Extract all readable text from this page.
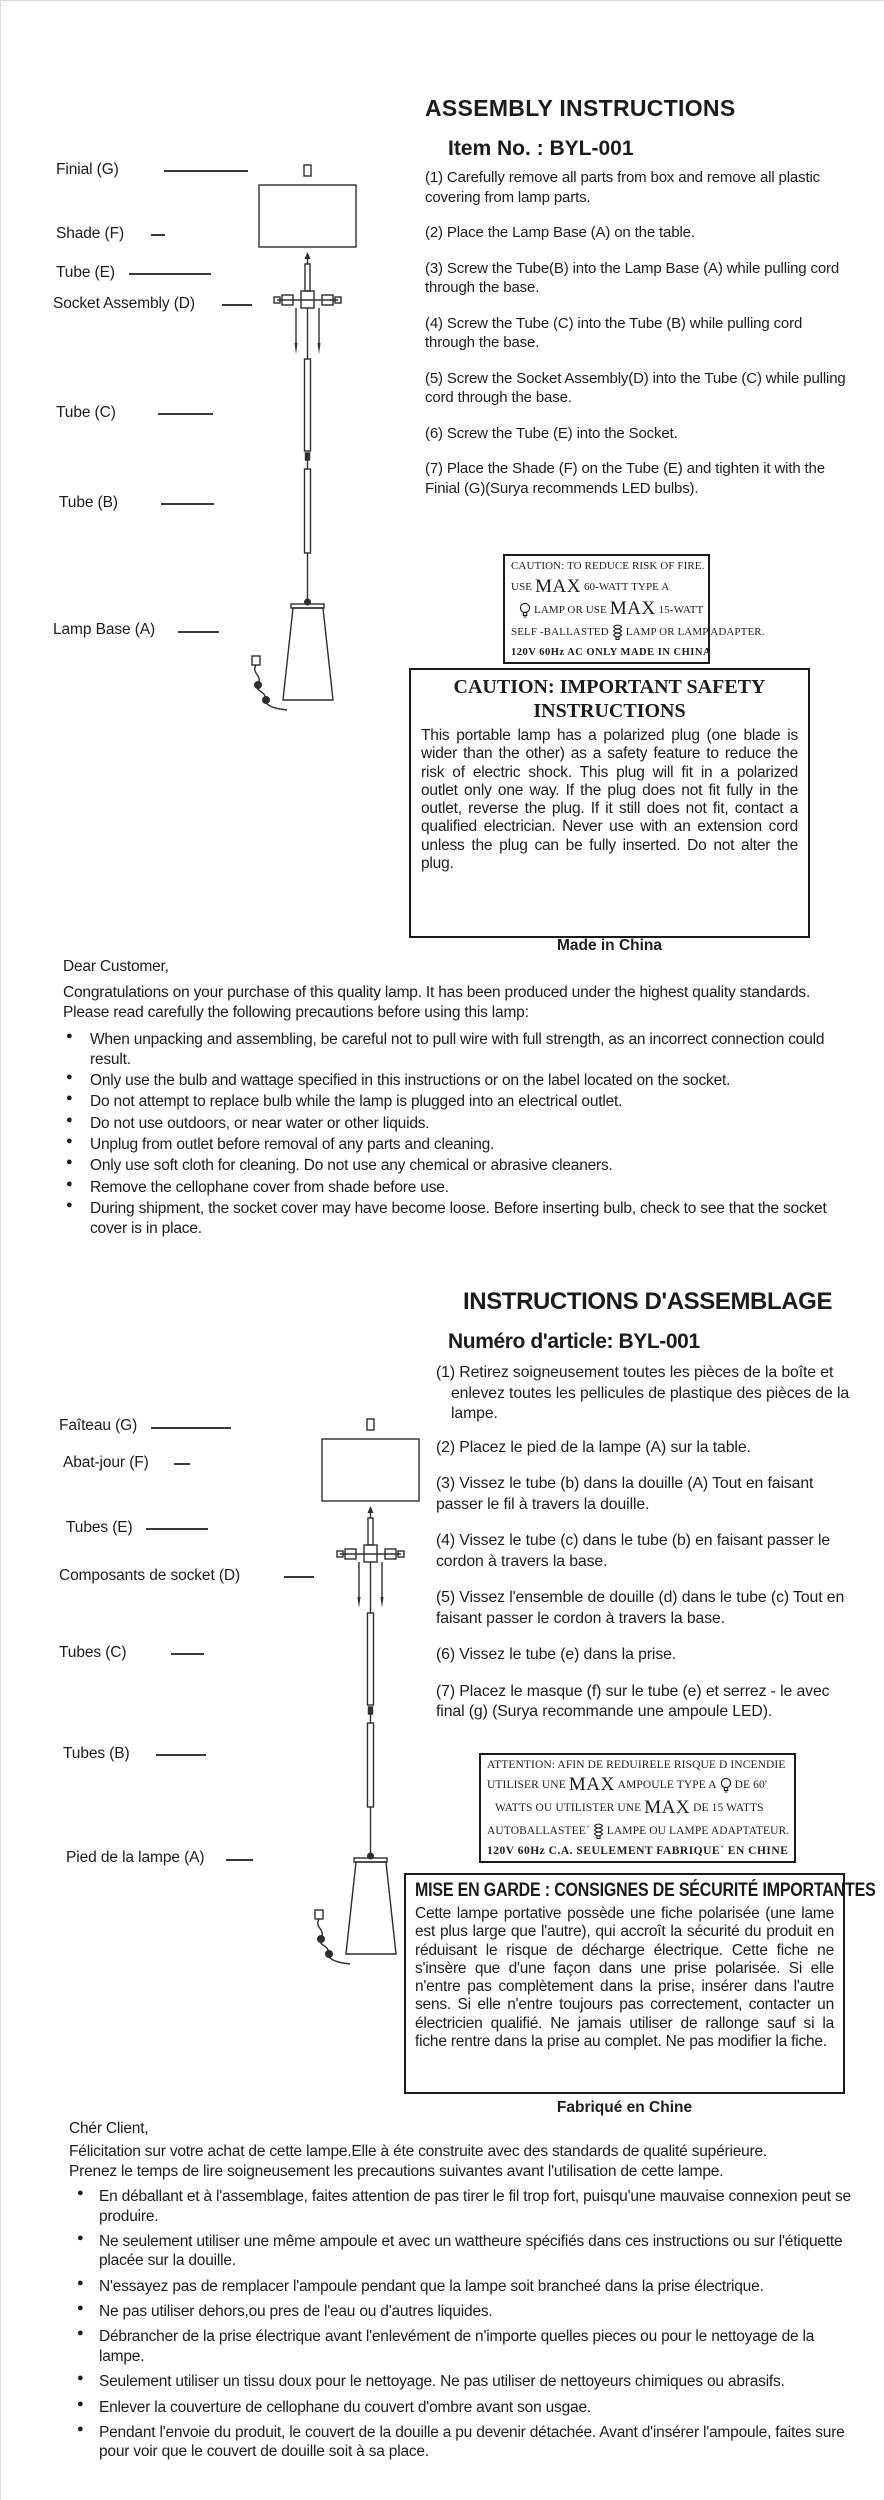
ASSEMBLY INSTRUCTIONS
Item No. : BYL-001
(1) Carefully remove all parts from box and remove all plastic covering from lamp parts.
(2) Place the Lamp Base (A) on the table.
(3) Screw the Tube(B) into the Lamp Base (A) while pulling cord through the base.
(4) Screw the Tube (C) into the Tube (B) while pulling cord through the base.
(5) Screw the Socket Assembly(D) into the Tube (C) while pulling cord through the base.
(6) Screw the Tube (E) into the Socket.
(7) Place the Shade (F) on the Tube (E) and tighten it with the Finial (G)(Surya recommends LED bulbs).
Finial (G)
Shade (F)
Tube (E)
Socket Assembly (D)
Tube (C)
Tube (B)
Lamp Base (A)
CAUTION: TO REDUCE RISK OF FIRE.
USE MAX 60-WATT TYPE A
LAMP OR USE MAX 15-WATT
SELF -BALLASTED LAMP OR LAMP ADAPTER.
120V 60Hz AC ONLY MADE IN CHINA
CAUTION: IMPORTANT SAFETY
INSTRUCTIONS
This portable lamp has a polarized plug (one blade is wider than the other) as a safety feature to reduce the risk of electric shock. This plug will fit in a polarized outlet only one way. If the plug does not fit fully in the outlet, reverse the plug. If it still does not fit, contact a qualified electrician. Never use with an extension cord unless the plug can be fully inserted. Do not alter the plug.
Made in China
Dear Customer,
Congratulations on your purchase of this quality lamp. It has been produced under the highest quality standards. Please read carefully the following precautions before using this lamp:
● When unpacking and assembling, be careful not to pull wire with full strength, as an incorrect connection could result.
● Only use the bulb and wattage specified in this instructions or on the label located on the socket.
● Do not attempt to replace bulb while the lamp is plugged into an electrical outlet.
● Do not use outdoors, or near water or other liquids.
● Unplug from outlet before removal of any parts and cleaning.
● Only use soft cloth for cleaning. Do not use any chemical or abrasive cleaners.
● Remove the cellophane cover from shade before use.
● During shipment, the socket cover may have become loose. Before inserting bulb, check to see that the socket cover is in place.
INSTRUCTIONS D'ASSEMBLAGE
Numéro d'article: BYL-001
(1) Retirez soigneusement toutes les pièces de la boîte et enlevez toutes les pellicules de plastique des pièces de la lampe.
(2) Placez le pied de la lampe (A) sur la table.
(3) Vissez le tube (b) dans la douille (A) Tout en faisant passer le fil à travers la douille.
(4) Vissez le tube (c) dans le tube (b) en faisant passer le cordon à travers la base.
(5) Vissez l'ensemble de douille (d) dans le tube (c) Tout en faisant passer le cordon à travers la base.
(6) Vissez le tube (e) dans la prise.
(7) Placez le masque (f) sur le tube (e) et serrez - le avec final (g) (Surya recommande une ampoule LED).
Faîteau (G)
Abat-jour (F)
Tubes (E)
Composants de socket (D)
Tubes (C)
Tubes (B)
Pied de la lampe (A)
ATTENTION: AFIN DE REDUIRELE RISQUE D INCENDIE
UTILISER UNE MAX AMPOULE TYPE A DE 60'
WATTS OU UTILISTER UNE MAX DE 15 WATTS
AUTOBALLASTEE´ LAMPE OU LAMPE ADAPTATEUR.
120V 60Hz C.A. SEULEMENT FABRIQUE´ EN CHINE
MISE EN GARDE : CONSIGNES DE SÉCURITÉ IMPORTANTES
Cette lampe portative possède une fiche polarisée (une lame est plus large que l'autre), qui accroît la sécurité du produit en réduisant le risque de décharge électrique. Cette fiche ne s'insère que d'une façon dans une prise polarisée. Si elle n'entre pas complètement dans la prise, insérer dans l'autre sens. Si elle n'entre toujours pas correctement, contacter un électricien qualifié. Ne jamais utiliser de rallonge sauf si la fiche rentre dans la prise au complet. Ne pas modifier la fiche.
Fabriqué en Chine
Chér Client,
Félicitation sur votre achat de cette lampe.Elle à éte construite avec des standards de qualité supérieure. Prenez le temps de lire soigneusement les precautions suivantes avant l'utilisation de cette lampe.
● En déballant et à l'assemblage, faites attention de pas tirer le fil trop fort, puisqu'une mauvaise connexion peut se produire.
● Ne seulement utiliser une même ampoule et avec un wattheure spécifiés dans ces instructions ou sur l'étiquette placée sur la douille.
● N'essayez pas de remplacer l'ampoule pendant que la lampe soit brancheé dans la prise électrique.
● Ne pas utiliser dehors,ou pres de l'eau ou d'autres liquides.
● Débrancher de la prise électrique avant l'enlevément de n'importe quelles pieces ou pour le nettoyage de la lampe.
● Seulement utiliser un tissu doux pour le nettoyage. Ne pas utiliser de nettoyeurs chimiques ou abrasifs.
● Enlever la couverture de cellophane du couvert d'ombre avant son usgae.
● Pendant l'envoie du produit, le couvert de la douille a pu devenir détachée. Avant d'insérer l'ampoule, faites sure pour voir que le couvert de douille soit à sa place.
